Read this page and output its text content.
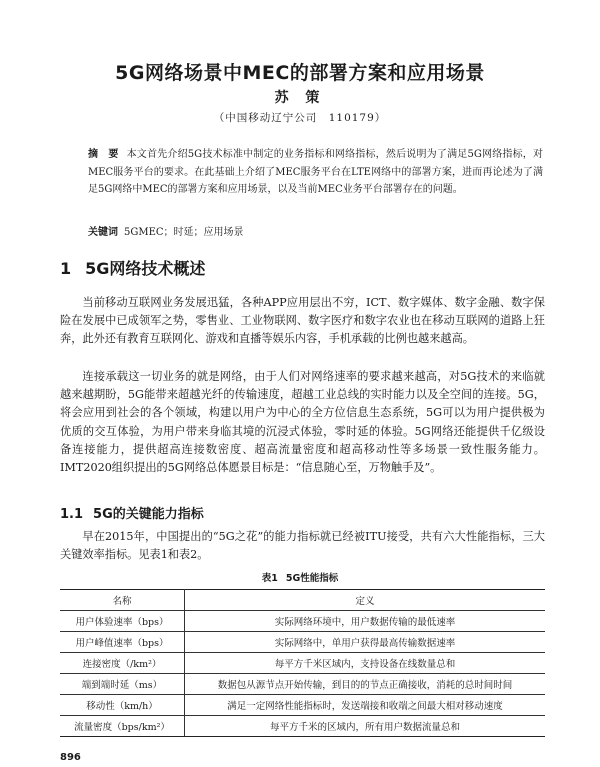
5G网络场景中MEC的部署方案和应用场景
苏 策
（中国移动辽宁公司　110179）
摘　要 本文首先介绍5G技术标准中制定的业务指标和网络指标，然后说明为了满足5G网络指标，对MEC服务平台的要求。在此基础上介绍了MEC服务平台在LTE网络中的部署方案，进而再论述为了满足5G网络中MEC的部署方案和应用场景，以及当前MEC业务平台部署存在的问题。
关键词 5GMEC；时延；应用场景
1 5G网络技术概述
当前移动互联网业务发展迅猛，各种APP应用层出不穷，ICT、数字媒体、数字金融、数字保险在发展中已成领军之势，零售业、工业物联网、数字医疗和数字农业也在移动互联网的道路上狂奔，此外还有教育互联网化、游戏和直播等娱乐内容，手机承载的比例也越来越高。
连接承载这一切业务的就是网络，由于人们对网络速率的要求越来越高，对5G技术的来临就越来越期盼，5G能带来超越光纤的传输速度，超越工业总线的实时能力以及全空间的连接。5G，将会应用到社会的各个领域，构建以用户为中心的全方位信息生态系统，5G可以为用户提供极为优质的交互体验，为用户带来身临其境的沉浸式体验，零时延的体验。5G网络还能提供千亿级设备连接能力，提供超高连接数密度、超高流量密度和超高移动性等多场景一致性服务能力。IMT2020组织提出的5G网络总体愿景目标是：“信息随心至，万物触手及”。
1.1 5G的关键能力指标
早在2015年，中国提出的“5G之花”的能力指标就已经被ITU接受，共有六大性能指标，三大关键效率指标。见表1和表2。
表1 5G性能指标
名称	定义
用户体验速率（bps）	实际网络环境中，用户数据传输的最低速率
用户峰值速率（bps）	实际网络中，单用户获得最高传输数据速率
连接密度（/km²）	每平方千米区域内，支持设备在线数量总和
端到端时延（ms）	数据包从源节点开始传输，到目的的节点正确接收，消耗的总时间时间
移动性（km/h）	满足一定网络性能指标时，发送端接和收端之间最大相对移动速度
流量密度（bps/km²）	每平方千米的区域内，所有用户数据流量总和
896
